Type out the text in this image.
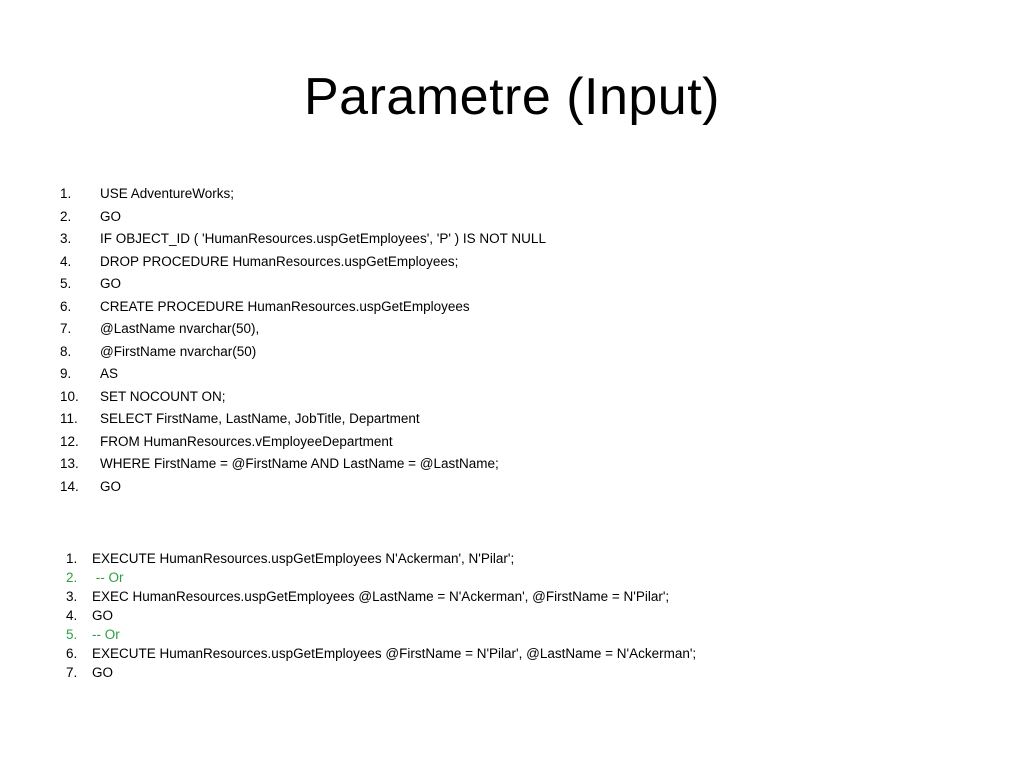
Parametre (Input)
1. USE AdventureWorks;
2. GO
3. IF OBJECT_ID ( 'HumanResources.uspGetEmployees', 'P' ) IS NOT NULL
4. DROP PROCEDURE HumanResources.uspGetEmployees;
5. GO
6. CREATE PROCEDURE HumanResources.uspGetEmployees
7. @LastName nvarchar(50),
8. @FirstName nvarchar(50)
9. AS
10. SET NOCOUNT ON;
11. SELECT FirstName, LastName, JobTitle, Department
12. FROM HumanResources.vEmployeeDepartment
13. WHERE FirstName = @FirstName AND LastName = @LastName;
14. GO
1. EXECUTE HumanResources.uspGetEmployees N'Ackerman', N'Pilar';
2. -- Or
3. EXEC HumanResources.uspGetEmployees @LastName = N'Ackerman', @FirstName = N'Pilar';
4. GO
5. -- Or
6. EXECUTE HumanResources.uspGetEmployees @FirstName = N'Pilar', @LastName = N'Ackerman';
7. GO
